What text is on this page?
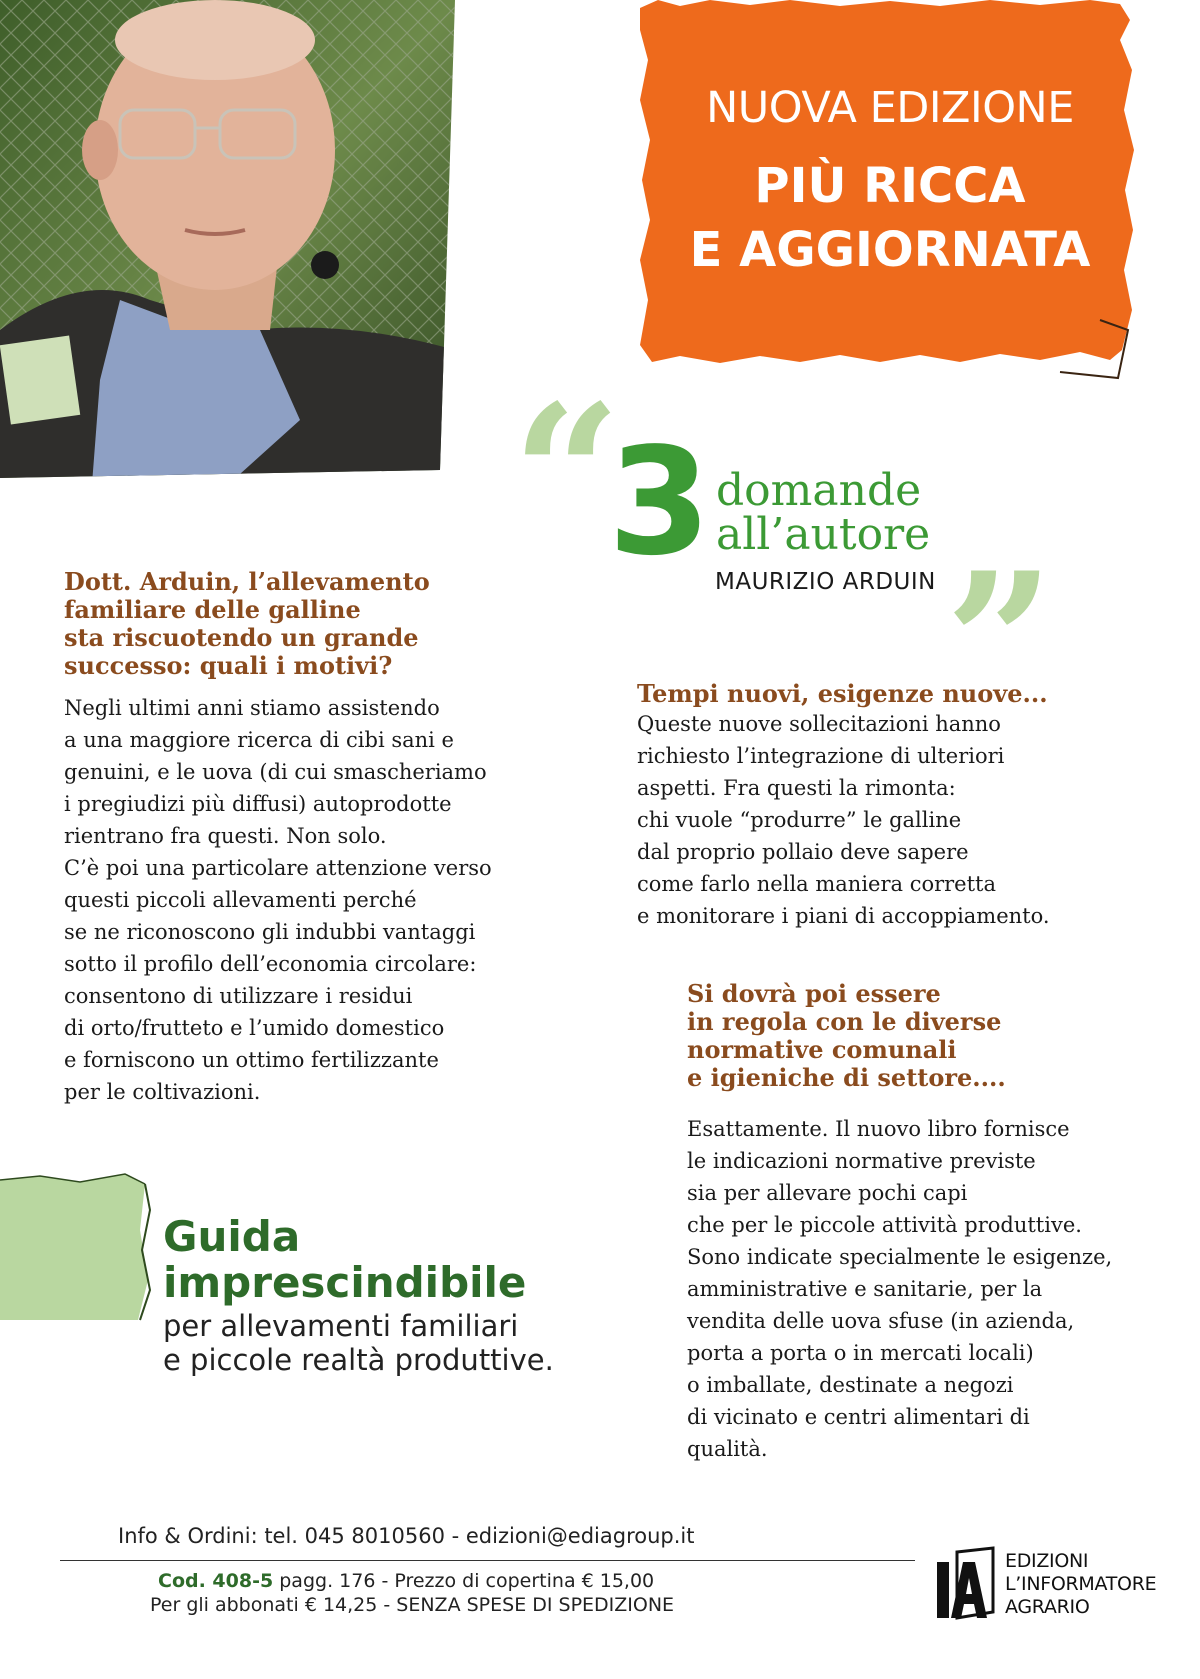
NUOVA EDIZIONE
PIÙ RICCA
E AGGIORNATA
“
3 domande
all’autore
MAURIZIO ARDUIN ”
Dott. Arduin, l’allevamento
familiare delle galline
sta riscuotendo un grande
successo: quali i motivi?
Negli ultimi anni stiamo assistendo
a una maggiore ricerca di cibi sani e
genuini, e le uova (di cui smascheriamo
i pregiudizi più diffusi) autoprodotte
rientrano fra questi. Non solo.
C’è poi una particolare attenzione verso
questi piccoli allevamenti perché
se ne riconoscono gli indubbi vantaggi
sotto il profilo dell’economia circolare:
consentono di utilizzare i residui
di orto/frutteto e l’umido domestico
e forniscono un ottimo fertilizzante
per le coltivazioni.
Tempi nuovi, esigenze nuove...
Queste nuove sollecitazioni hanno
richiesto l’integrazione di ulteriori
aspetti. Fra questi la rimonta:
chi vuole “produrre” le galline
dal proprio pollaio deve sapere
come farlo nella maniera corretta
e monitorare i piani di accoppiamento.
Si dovrà poi essere
in regola con le diverse
normative comunali
e igieniche di settore....
Esattamente. Il nuovo libro fornisce
le indicazioni normative previste
sia per allevare pochi capi
che per le piccole attività produttive.
Sono indicate specialmente le esigenze,
amministrative e sanitarie, per la
vendita delle uova sfuse (in azienda,
porta a porta o in mercati locali)
o imballate, destinate a negozi
di vicinato e centri alimentari di
qualità.
Guida
imprescindibile
per allevamenti familiari
e piccole realtà produttive.
Info & Ordini: tel. 045 8010560 - edizioni@ediagroup.it
Cod. 408-5 pagg. 176 - Prezzo di copertina € 15,00
Per gli abbonati € 14,25 - SENZA SPESE DI SPEDIZIONE
IA
EDIZIONI
L’INFORMATORE
AGRARIO
